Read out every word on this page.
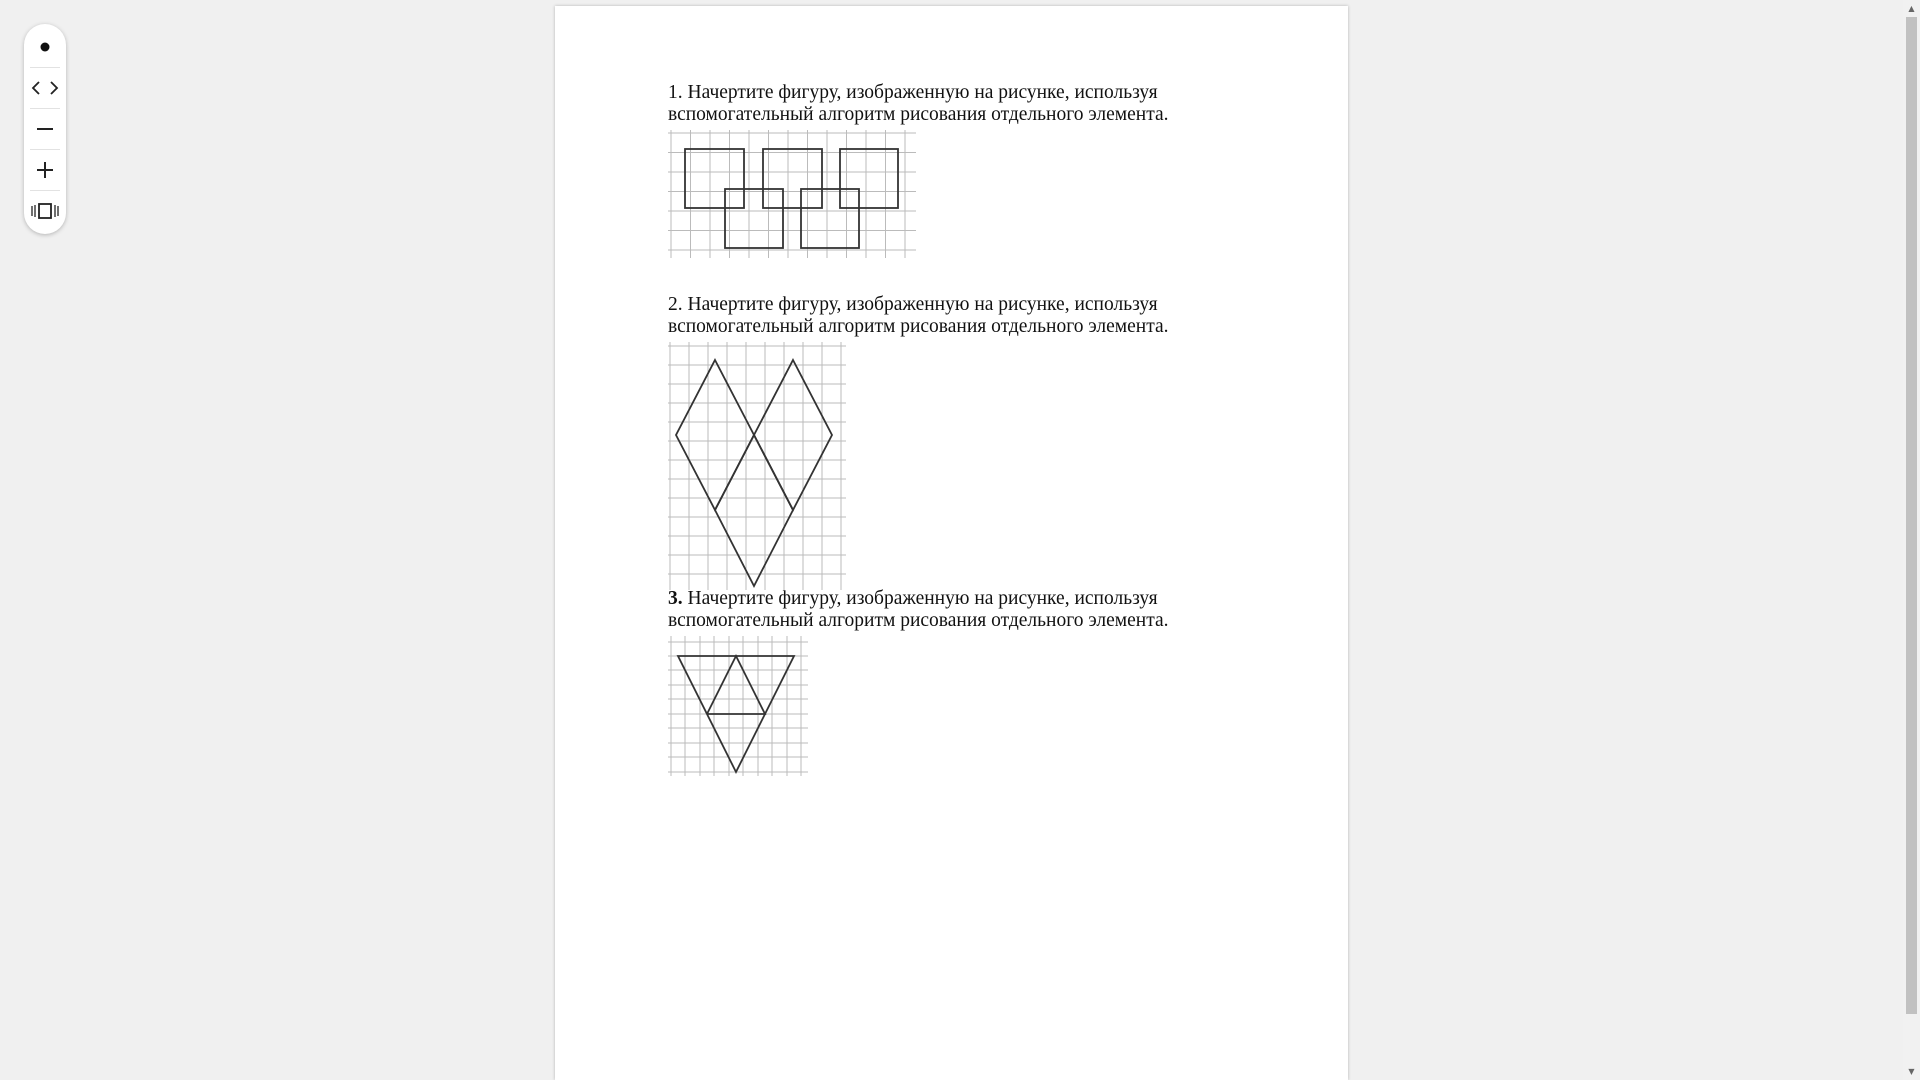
1. Начертите фигуру, изображенную на рисунке, используя вспомогательный алгоритм рисования отдельного элемента.
2. Начертите фигуру, изображенную на рисунке, используя вспомогательный алгоритм рисования отдельного элемента.
3. Начертите фигуру, изображенную на рисунке, используя вспомогательный алгоритм рисования отдельного элемента.
▲
▼
